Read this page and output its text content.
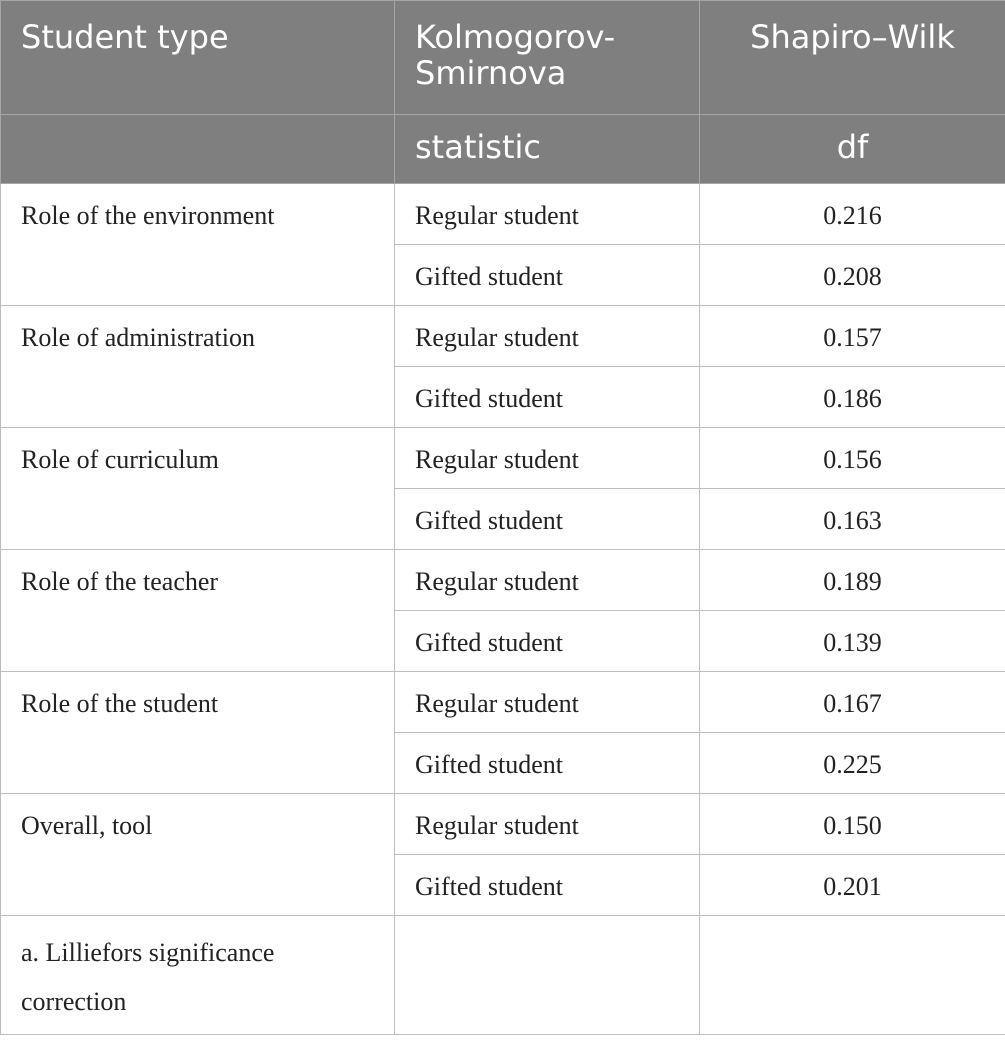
Student type	Kolmogorov-Smirnova	Shapiro–Wilk
	statistic	df
Role of the environment	Regular student	0.216
	Gifted student	0.208
Role of administration	Regular student	0.157
	Gifted student	0.186
Role of curriculum	Regular student	0.156
	Gifted student	0.163
Role of the teacher	Regular student	0.189
	Gifted student	0.139
Role of the student	Regular student	0.167
	Gifted student	0.225
Overall, tool	Regular student	0.150
	Gifted student	0.201
a. Lilliefors significance correction		
